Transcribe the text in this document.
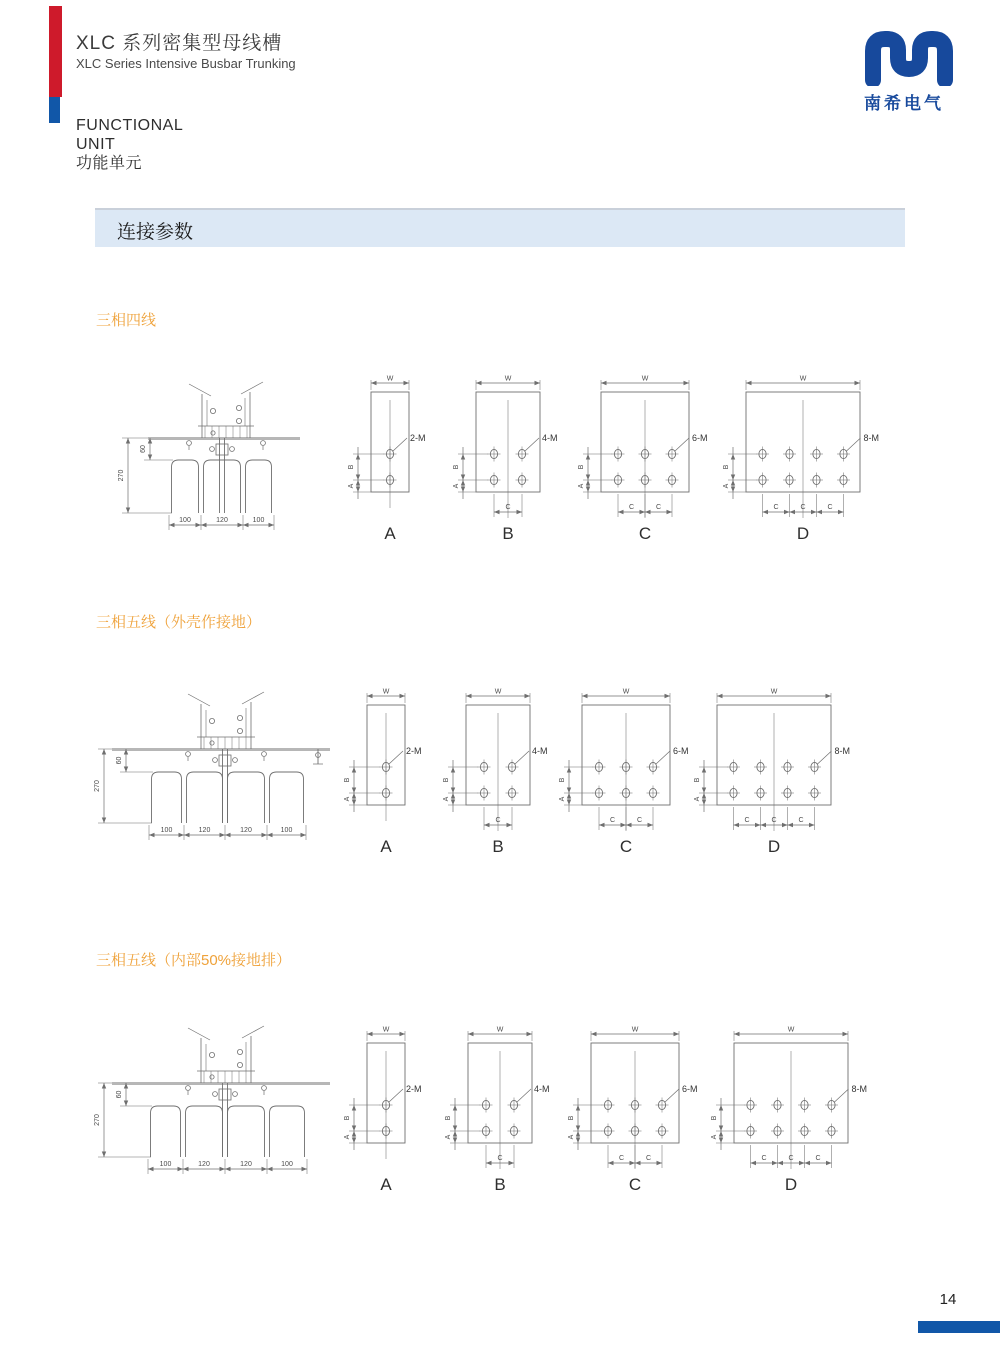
XLC 系列密集型母线槽
XLC Series Intensive Busbar Trunking
FUNCTIONAL
UNIT
功能单元
南希电气
连接参数
三相四线
三相五线（外壳作接地）
三相五线（内部50%接地排）
60
270
100	120	100
W
B
A
2-M
A
W
B
A
C
4-M
B
W
B
A
C	C
6-M
C
W
B
A
C	C	C
8-M
D
60
270
100	120	120	100
W
B
A
2-M
A
W
B
A
C
4-M
B
W
B
A
C	C
6-M
C
W
B
A
C	C	C
8-M
D
60
270
100	120	120	100
W
B
A
2-M
A
W
B
A
C
4-M
B
W
B
A
C	C
6-M
C
W
B
A
C	C	C
8-M
D
14
